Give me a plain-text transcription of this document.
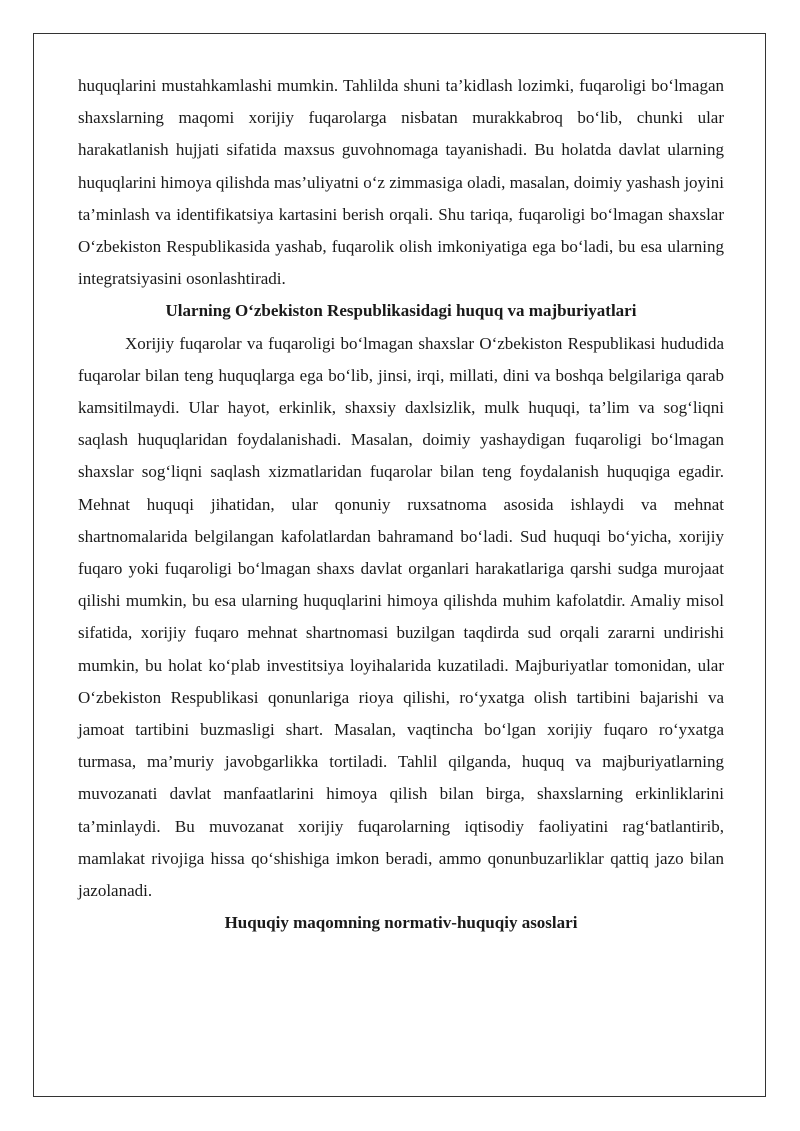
huquqlarini mustahkamlashi mumkin. Tahlilda shuni ta’kidlash lozimki, fuqaroligi bo‘lmagan shaxslarning maqomi xorijiy fuqarolarga nisbatan murakkabroq bo‘lib, chunki ular harakatlanish hujjati sifatida maxsus guvohnomaga tayanishadi. Bu holatda davlat ularning huquqlarini himoya qilishda mas’uliyatni o‘z zimmasiga oladi, masalan, doimiy yashash joyini ta’minlash va identifikatsiya kartasini berish orqali. Shu tariqa, fuqaroligi bo‘lmagan shaxslar O‘zbekiston Respublikasida yashab, fuqarolik olish imkoniyatiga ega bo‘ladi, bu esa ularning integratsiyasini osonlashtiradi.

Ularning O‘zbekiston Respublikasidagi huquq va majburiyatlari

Xorijiy fuqarolar va fuqaroligi bo‘lmagan shaxslar O‘zbekiston Respublikasi hududida fuqarolar bilan teng huquqlarga ega bo‘lib, jinsi, irqi, millati, dini va boshqa belgilariga qarab kamsitilmaydi. Ular hayot, erkinlik, shaxsiy daxlsizlik, mulk huquqi, ta’lim va sog‘liqni saqlash huquqlaridan foydalanishadi. Masalan, doimiy yashaydigan fuqaroligi bo‘lmagan shaxslar sog‘liqni saqlash xizmatlaridan fuqarolar bilan teng foydalanish huquqiga egadir. Mehnat huquqi jihatidan, ular qonuniy ruxsatnoma asosida ishlaydi va mehnat shartnomalarida belgilangan kafolatlardan bahramand bo‘ladi. Sud huquqi bo‘yicha, xorijiy fuqaro yoki fuqaroligi bo‘lmagan shaxs davlat organlari harakatlariga qarshi sudga murojaat qilishi mumkin, bu esa ularning huquqlarini himoya qilishda muhim kafolatdir. Amaliy misol sifatida, xorijiy fuqaro mehnat shartnomasi buzilgan taqdirda sud orqali zararni undirishi mumkin, bu holat ko‘plab investitsiya loyihalarida kuzatiladi. Majburiyatlar tomonidan, ular O‘zbekiston Respublikasi qonunlariga rioya qilishi, ro‘yxatga olish tartibini bajarishi va jamoat tartibini buzmasligi shart. Masalan, vaqtincha bo‘lgan xorijiy fuqaro ro‘yxatga turmasa, ma’muriy javobgarlikka tortiladi. Tahlil qilganda, huquq va majburiyatlarning muvozanati davlat manfaatlarini himoya qilish bilan birga, shaxslarning erkinliklarini ta’minlaydi. Bu muvozanat xorijiy fuqarolarning iqtisodiy faoliyatini rag‘batlantirib, mamlakat rivojiga hissa qo‘shishiga imkon beradi, ammo qonunbuzarliklar qattiq jazo bilan jazolanadi.

Huquqiy maqomning normativ-huquqiy asoslari
